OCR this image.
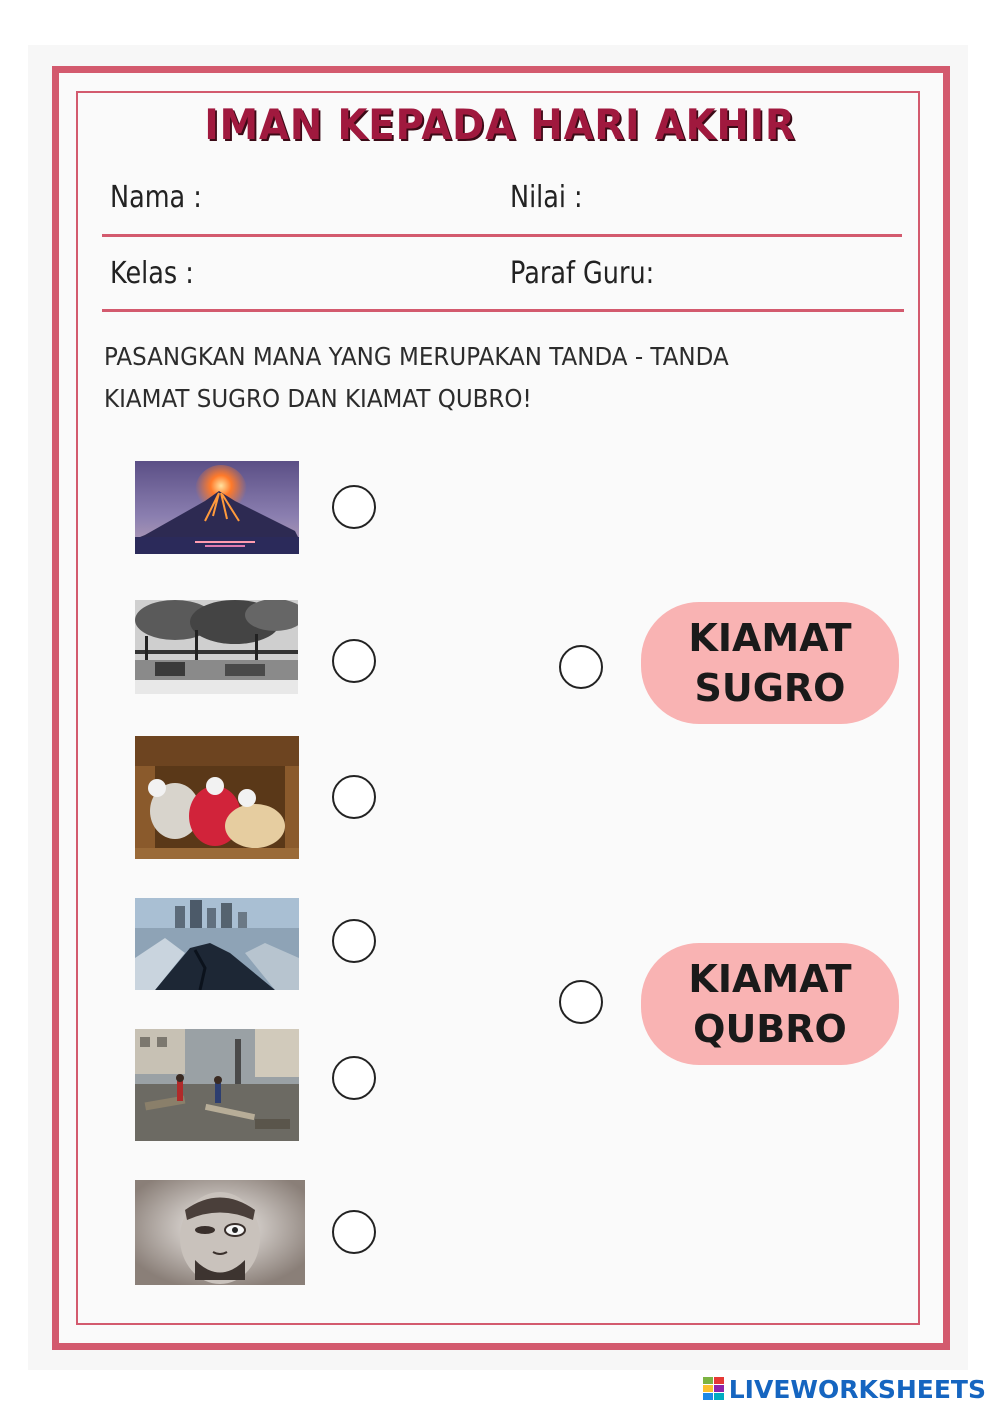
IMAN KEPADA HARI AKHIR
Nama :	Nilai :
Kelas :	Paraf Guru:
PASANGKAN MANA YANG MERUPAKAN TANDA - TANDA
KIAMAT SUGRO DAN KIAMAT QUBRO!
KIAMAT
SUGRO
KIAMAT
QUBRO
LIVEWORKSHEETS
